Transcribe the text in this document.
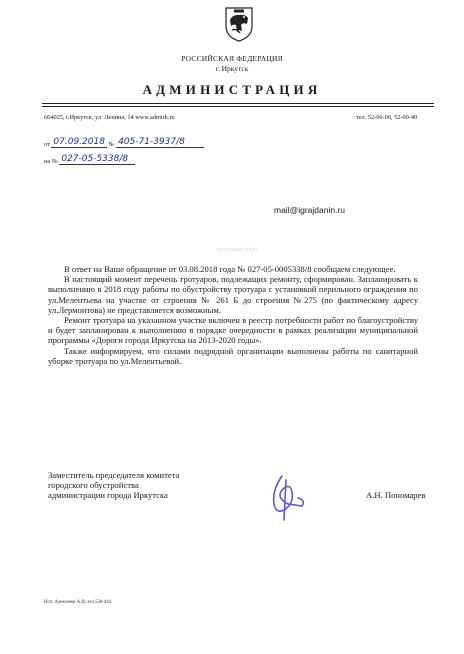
РОССИЙСКАЯ ФЕДЕРАЦИЯ
г. Иркутск
АДМИНИСТРАЦИЯ
664025, г.Иркутск, ул. Ленина, 14 www.admirk.ru	тел. 52-00-00, 52-00-40
от 07.09.2018 № 405-71-3937/8
на № 027-05-5338/8
mail@igrajdanin.ru
тротуарам ободь

В ответ на Ваше обращение от 03.08.2018 года № 027-05-0005338/8 сообщаем следующее.

В настоящий момент перечень тротуаров, подлежащих ремонту, сформирован. Запланировать к выполнению в 2018 году работы по обустройству тротуара с установкой перильного ограждения по ул.Мелентьева на участке от строения № 261 Б до строения №275 (по фактическому адресу ул.Лермонтова) не представляется возможным.

Ремонт тротуара на указанном участке включен в реестр потребности работ по благоустройству и будет запланирован к выполнению в порядке очередности в рамках реализации муниципальной программы «Дороги города Иркутска на 2013-2020 годы».

Также информируем, что силами подрядной организации выполнены работы по санитарной уборке тротуара по ул.Мелентьевой.

Заместитель председателя комитета
городского обустройства
администрации города Иркутска	А.Н. Пономарев
Исп. Алексеева А.И.,тел.520-444
